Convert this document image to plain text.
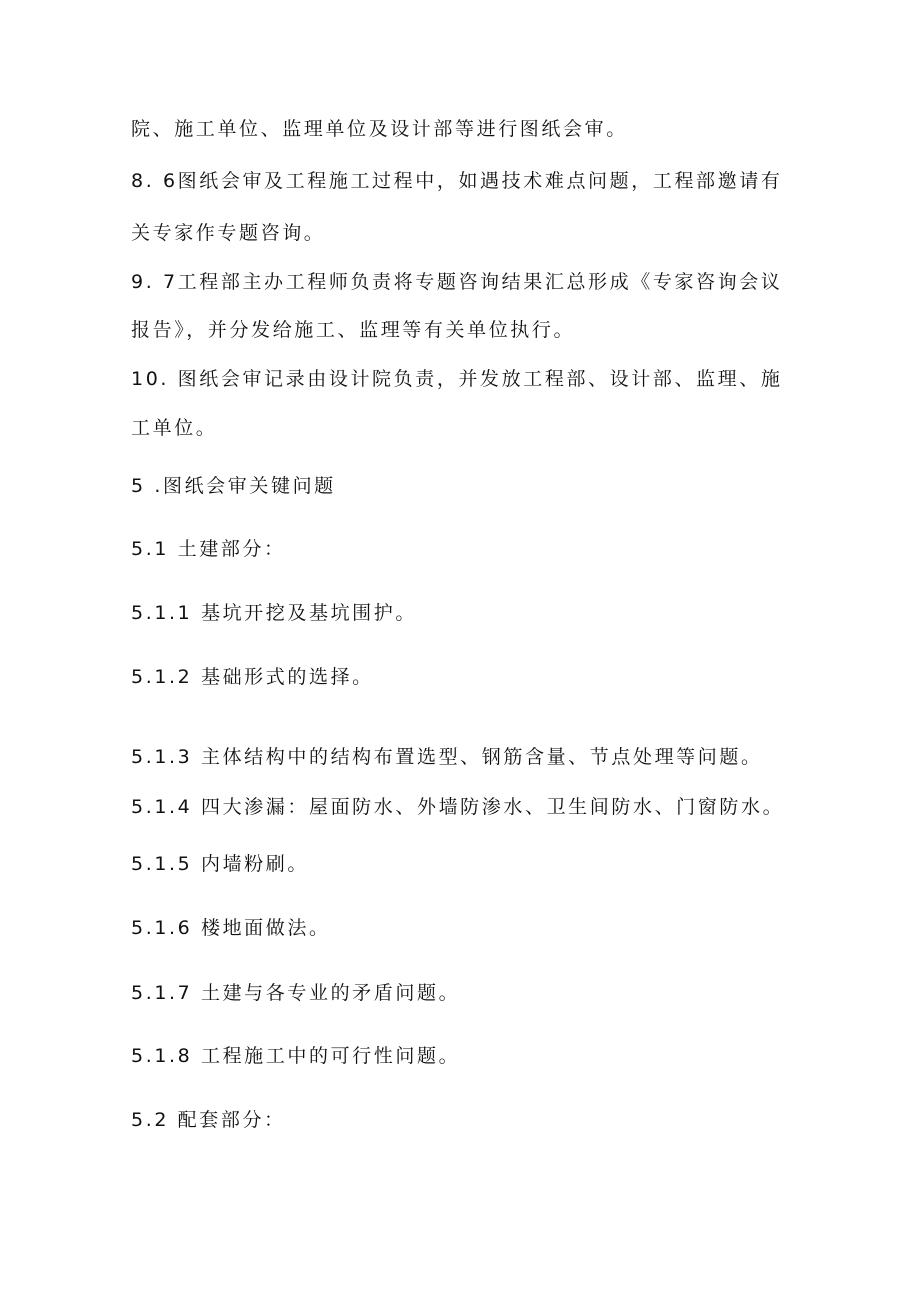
院、施工单位、监理单位及设计部等进行图纸会审。
8. 6图纸会审及工程施工过程中，如遇技术难点问题，工程部邀请有
关专家作专题咨询。
9. 7工程部主办工程师负责将专题咨询结果汇总形成《专家咨询会议
报告》，并分发给施工、监理等有关单位执行。
10. 图纸会审记录由设计院负责，并发放工程部、设计部、监理、施
工单位。
5 .图纸会审关键问题
5.1 土建部分：
5.1.1 基坑开挖及基坑围护。
5.1.2 基础形式的选择。
5.1.3 主体结构中的结构布置选型、钢筋含量、节点处理等问题。
5.1.4 四大渗漏：屋面防水、外墙防渗水、卫生间防水、门窗防水。
5.1.5 内墙粉刷。
5.1.6 楼地面做法。
5.1.7 土建与各专业的矛盾问题。
5.1.8 工程施工中的可行性问题。
5.2 配套部分：
